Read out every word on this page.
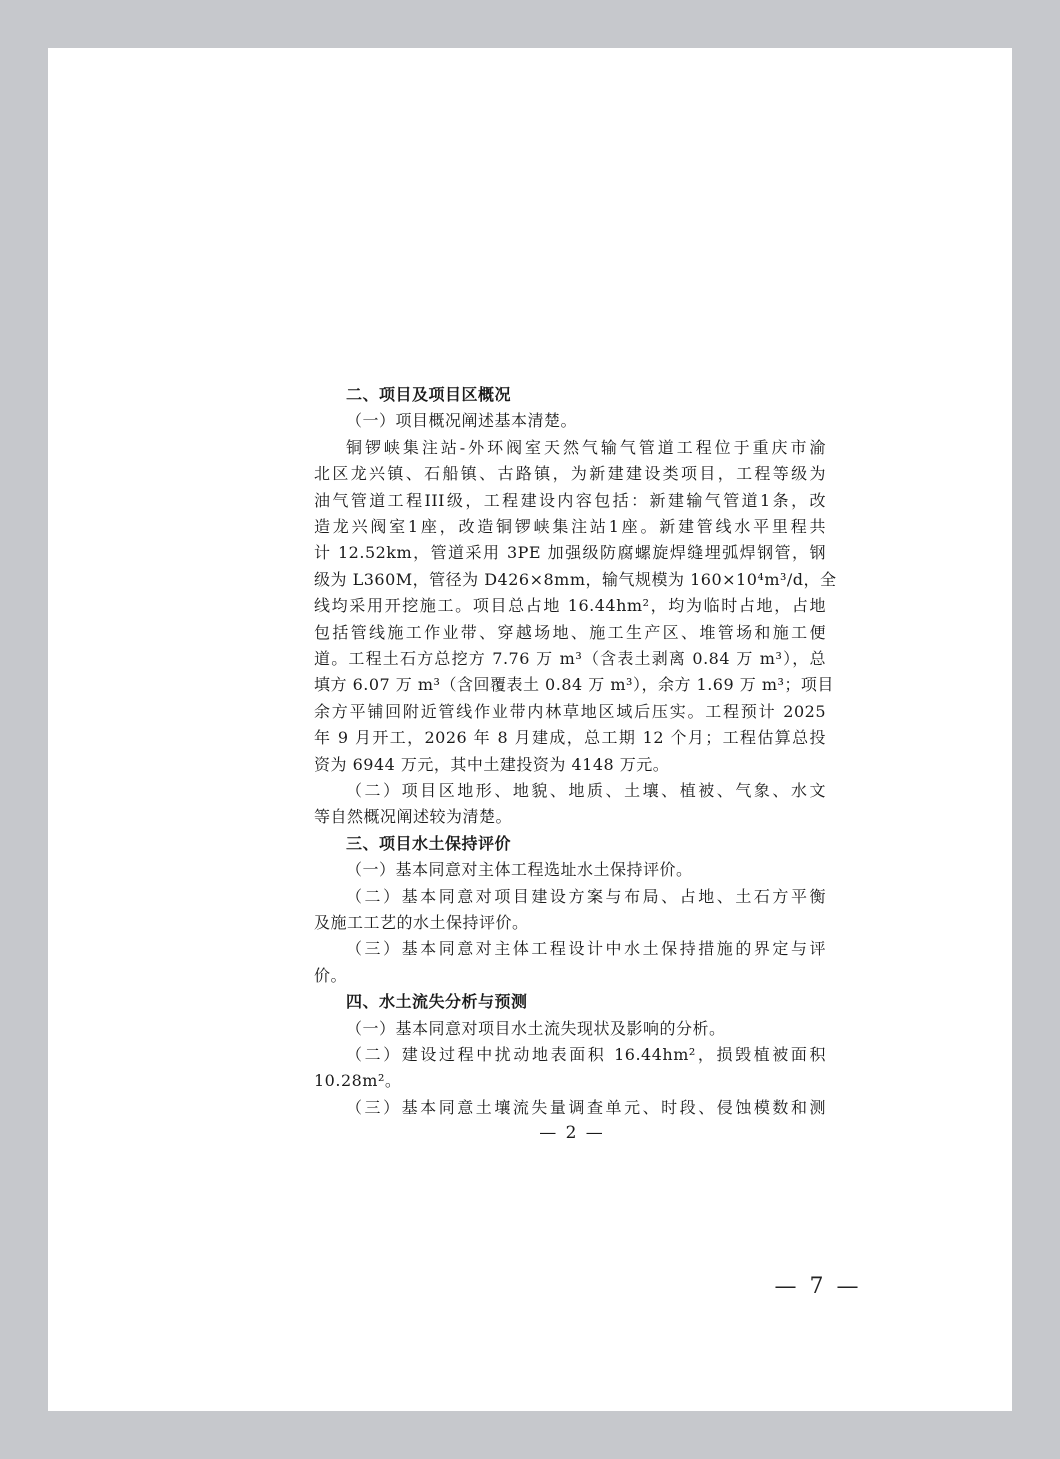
二、项目及项目区概况
（一）项目概况阐述基本清楚。
铜锣峡集注站-外环阀室天然气输气管道工程位于重庆市渝
北区龙兴镇、石船镇、古路镇，为新建建设类项目，工程等级为
油气管道工程III级，工程建设内容包括：新建输气管道1条，改
造龙兴阀室1座，改造铜锣峡集注站1座。新建管线水平里程共
计 12.52km，管道采用 3PE 加强级防腐螺旋焊缝埋弧焊钢管，钢
级为 L360M，管径为 D426×8mm，输气规模为 160×10⁴m³/d，全
线均采用开挖施工。项目总占地 16.44hm²，均为临时占地，占地
包括管线施工作业带、穿越场地、施工生产区、堆管场和施工便
道。工程土石方总挖方 7.76 万 m³（含表土剥离 0.84 万 m³），总
填方 6.07 万 m³（含回覆表土 0.84 万 m³），余方 1.69 万 m³；项目
余方平铺回附近管线作业带内林草地区域后压实。工程预计 2025
年 9 月开工，2026 年 8 月建成，总工期 12 个月；工程估算总投
资为 6944 万元，其中土建投资为 4148 万元。
（二）项目区地形、地貌、地质、土壤、植被、气象、水文
等自然概况阐述较为清楚。
三、项目水土保持评价
（一）基本同意对主体工程选址水土保持评价。
（二）基本同意对项目建设方案与布局、占地、土石方平衡
及施工工艺的水土保持评价。
（三）基本同意对主体工程设计中水土保持措施的界定与评
价。
四、水土流失分析与预测
（一）基本同意对项目水土流失现状及影响的分析。
（二）建设过程中扰动地表面积 16.44hm²，损毁植被面积
10.28m²。
（三）基本同意土壤流失量调查单元、时段、侵蚀模数和测
— 2 —
— 7 —
